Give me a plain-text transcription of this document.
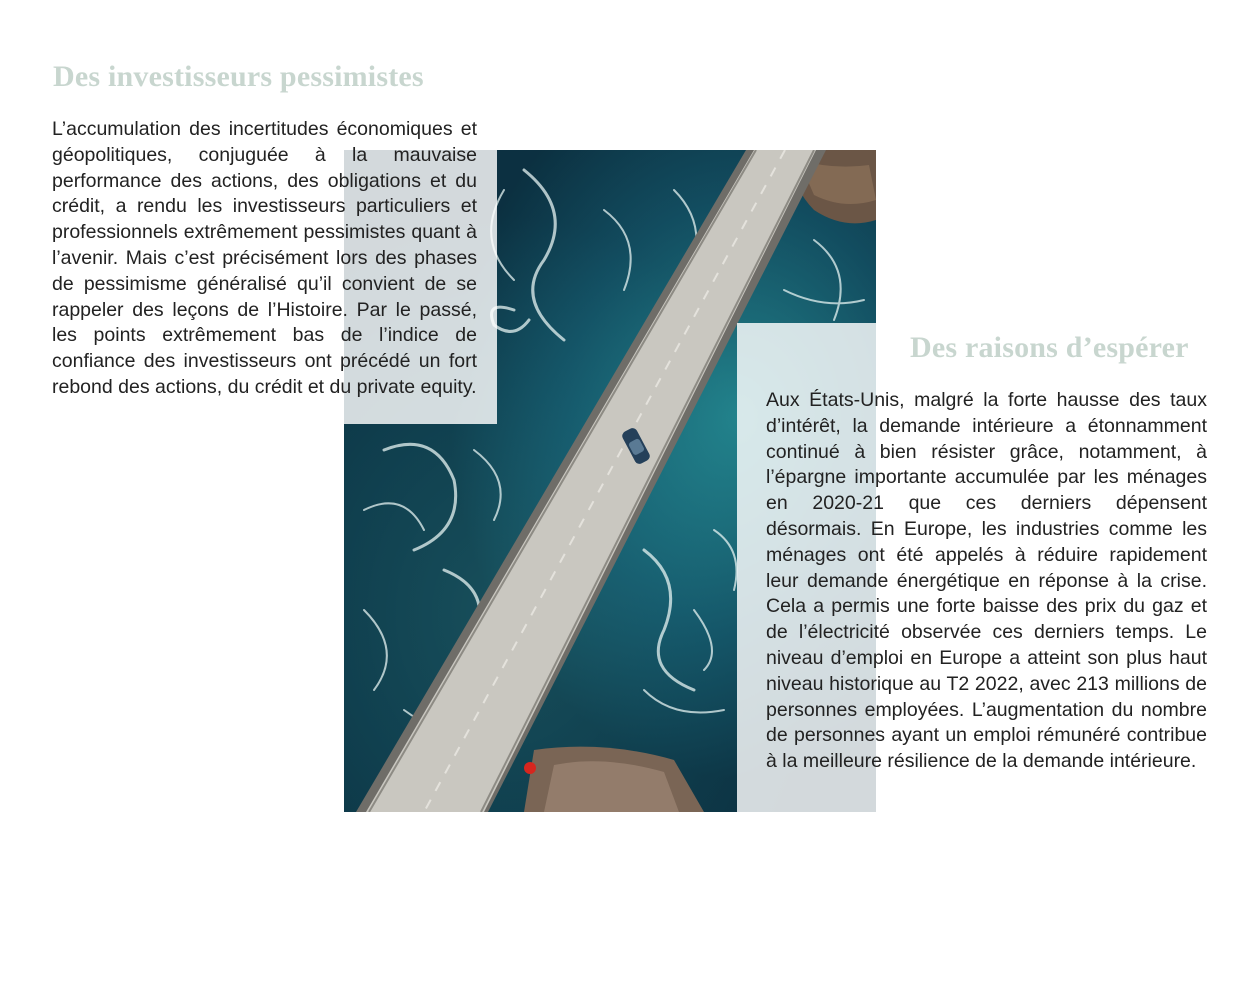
Des investisseurs pessimistes

L’accumulation des incertitudes économiques et géopolitiques, conjuguée à la mauvaise performance des actions, des obligations et du crédit, a rendu les investisseurs particuliers et professionnels extrêmement pessimistes quant à l’avenir. Mais c’est précisément lors des phases de pessimisme généralisé qu’il convient de se rappeler des leçons de l’Histoire. Par le passé, les points extrêmement bas de l’indice de confiance des investisseurs ont précédé un fort rebond des actions, du crédit et du private equity.

Des raisons d’espérer

Aux États-Unis, malgré la forte hausse des taux d’intérêt, la demande intérieure a étonnamment continué à bien résister grâce, notamment, à l’épargne importante accumulée par les ménages en 2020-21 que ces derniers dépensent désormais. En Europe, les industries comme les ménages ont été appelés à réduire rapidement leur demande énergétique en réponse à la crise. Cela a permis une forte baisse des prix du gaz et de l’électricité observée ces derniers temps. Le niveau d’emploi en Europe a atteint son plus haut niveau historique au T2 2022, avec 213 millions de personnes employées. L’augmentation du nombre de personnes ayant un emploi rémunéré contribue à la meilleure résilience de la demande intérieure.
